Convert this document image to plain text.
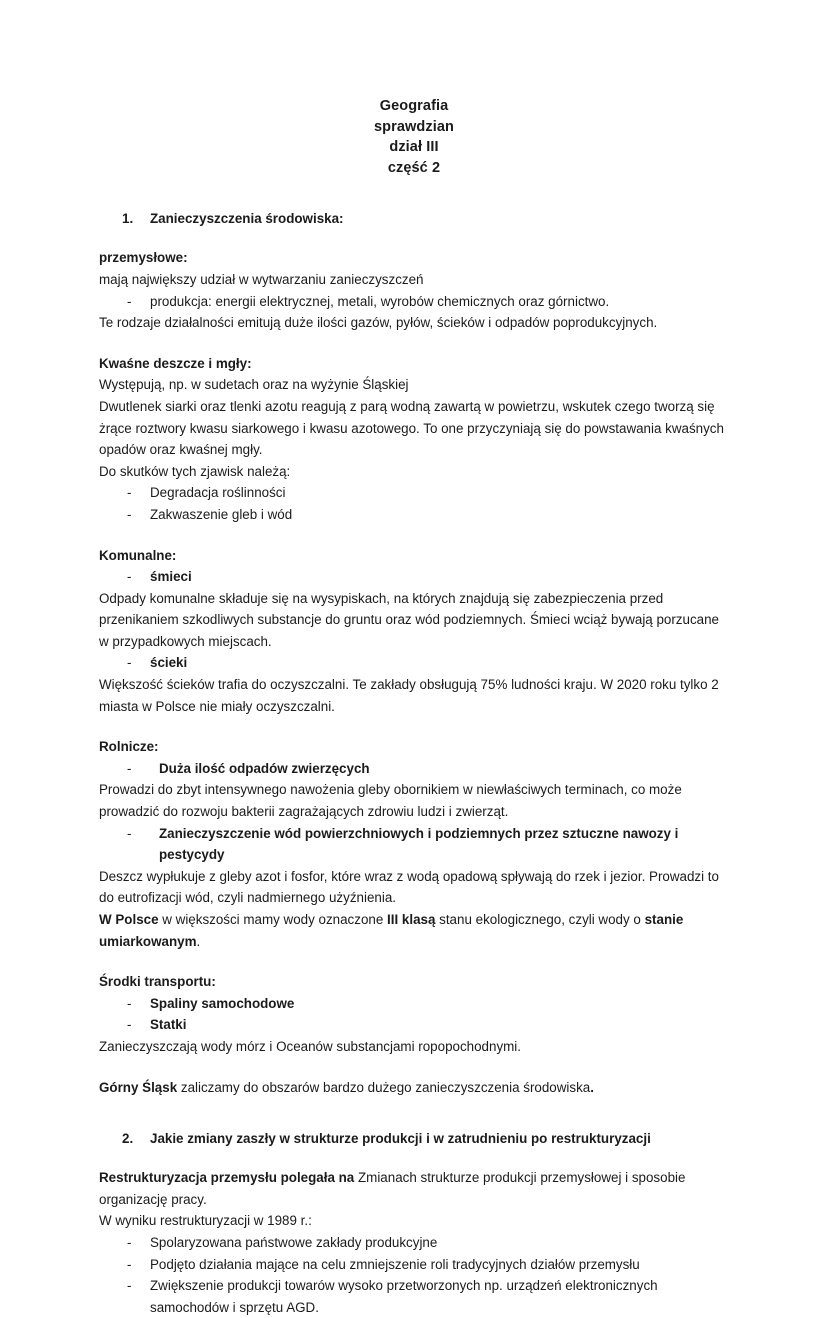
Geografia
sprawdzian
dział III
część 2
1.	Zanieczyszczenia środowiska:

przemysłowe:

mają największy udział w wytwarzaniu zanieczyszczeń

-	produkcja: energii elektrycznej, metali, wyrobów chemicznych oraz górnictwo.

Te rodzaje działalności emitują duże ilości gazów, pyłów, ścieków i odpadów poprodukcyjnych.

Kwaśne deszcze i mgły:

Występują, np. w sudetach oraz na wyżynie Śląskiej

Dwutlenek siarki oraz tlenki azotu reagują z parą wodną zawartą w powietrzu, wskutek czego tworzą się żrące roztwory kwasu siarkowego i kwasu azotowego. To one przyczyniają się do powstawania kwaśnych opadów oraz kwaśnej mgły.

Do skutków tych zjawisk należą:

-	Degradacja roślinności
-	Zakwaszenie gleb i wód

Komunalne:

-	śmieci

Odpady komunalne składuje się na wysypiskach, na których znajdują się zabezpieczenia przed przenikaniem szkodliwych substancje do gruntu oraz wód podziemnych. Śmieci wciąż bywają porzucane w przypadkowych miejscach.

-	ścieki

Większość ścieków trafia do oczyszczalni. Te zakłady obsługują 75% ludności kraju. W 2020 roku tylko 2 miasta w Polsce nie miały oczyszczalni.

Rolnicze:

-	Duża ilość odpadów zwierzęcych

Prowadzi do zbyt intensywnego nawożenia gleby obornikiem w niewłaściwych terminach, co może prowadzić do rozwoju bakterii zagrażających zdrowiu ludzi i zwierząt.

-	Zanieczyszczenie wód powierzchniowych i podziemnych przez sztuczne nawozy i pestycydy

Deszcz wypłukuje z gleby azot i fosfor, które wraz z wodą opadową spływają do rzek i jezior. Prowadzi to do eutrofizacji wód, czyli nadmiernego użyźnienia.

W Polsce w większości mamy wody oznaczone III klasą stanu ekologicznego, czyli wody o stanie umiarkowanym.

Środki transportu:

-	Spaliny samochodowe
-	Statki

Zanieczyszczają wody mórz i Oceanów substancjami ropopochodnymi.

Górny Śląsk zaliczamy do obszarów bardzo dużego zanieczyszczenia środowiska.

2.	Jakie zmiany zaszły w strukturze produkcji i w zatrudnieniu po restrukturyzacji

Restrukturyzacja przemysłu polegała na Zmianach strukturze produkcji przemysłowej i sposobie organizację pracy.

W wyniku restrukturyzacji w 1989 r.:

-	Spolaryzowana państwowe zakłady produkcyjne
-	Podjęto działania mające na celu zmniejszenie roli tradycyjnych działów przemysłu
-	Zwiększenie produkcji towarów wysoko przetworzonych np. urządzeń elektronicznych samochodów i sprzętu AGD.
